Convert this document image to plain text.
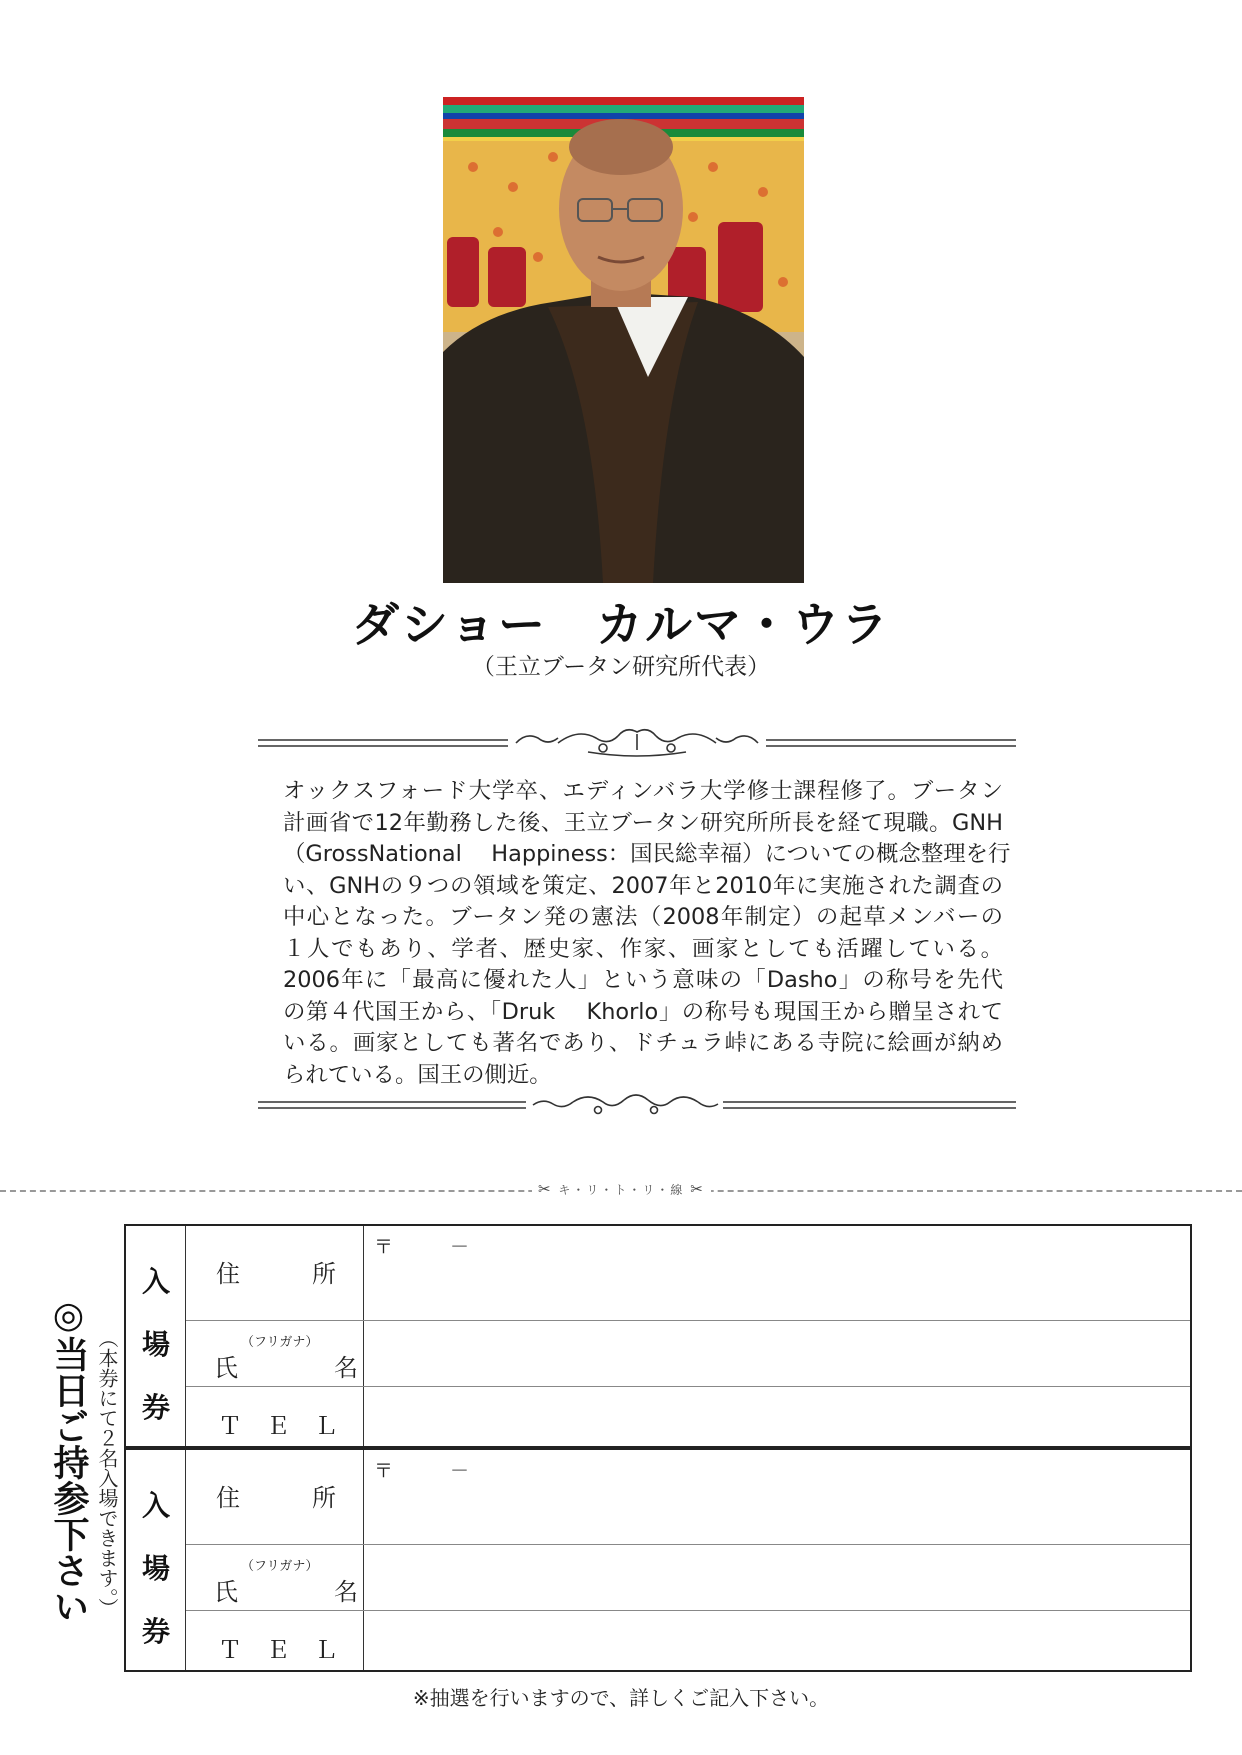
ダショー　カルマ・ウラ
（王立ブータン研究所代表）
オックスフォード大学卒、エディンバラ大学修士課程修了。ブータン
計画省で12年勤務した後、王立ブータン研究所所長を経て現職。GNH
（GrossNational　 Happiness：国民総幸福）についての概念整理を行
い、GNHの９つの領域を策定、2007年と2010年に実施された調査の
中心となった。ブータン発の憲法（2008年制定）の起草メンバーの
１人でもあり、学者、歴史家、作家、画家としても活躍している。
2006年に「最高に優れた人」という意味の「Dasho」の称号を先代
の第４代国王から、「Druk　 Khorlo」の称号も現国王から贈呈されて
いる。画家としても著名であり、ドチュラ峠にある寺院に絵画が納め
られている。国王の側近。
✂ キ・リ・ト・リ・線 ✂
◎当日ご持参下さい （本券にて２名入場できます。）
入
場
券
住　　　所
（フリガナ）
氏　　　　名
Ｔ　Ｅ　Ｌ
〒　　　－
入
場
券
住　　　所
（フリガナ）
氏　　　　名
Ｔ　Ｅ　Ｌ
〒　　　－
※抽選を行いますので、詳しくご記入下さい。
